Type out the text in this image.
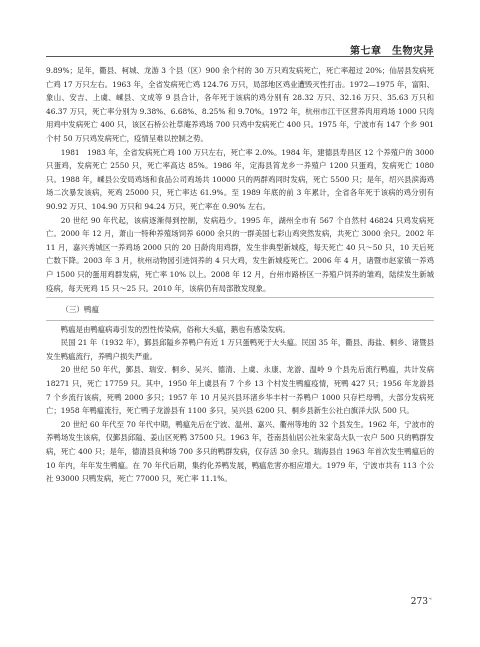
第七章　 生物灾异

9.89%；足年，衢县、柯城、龙游 3 个县（区）900 余个村的 30 万只鸡发病死亡，死亡率超过 20%；仙居县发病死亡鸡 17 万只左右。1963 年，全省发病死亡鸡 124.76 万只，局部地区鸡业遭毁灭性打击。1972—1975 年，富阳、象山、安吉、上虞、嵊县、文成等 9 县合计，各年死于该病的鸡分别有 28.32 万只、32.16 万只、35.63 万只和 46.37 万只，死亡率分别为 9.38%、6.68%、8.25% 和 9.70%。1972 年，杭州市江干区营养肉用鸡场 1000 只肉用鸡中发病死亡 400 只，该区石桥公社草庵养鸡场 700 只鸡中发病死亡 400 只。1975 年，宁波市有 147 个乡 901 个村 50 万只鸡发病死亡，疫情呈难以控制之势。

1981　1983 年，全省发病死亡鸡 100 万只左右，死亡率 2.0%。1984 年，建德县寿昌区 12 个养殖户的 3000 只蛋鸡，发病死亡 2550 只，死亡率高达 85%。1986 年，定海县筲龙乡一养殖户 1200 只蛋鸡，发病死亡 1080 只。1988 年，嵊县公安局鸡场和食品公司鸡场共 10000 只的两群鸡同时发病，死亡 5500 只；是年，绍兴县滨海鸡场二次暴发该病，死鸡 25000 只，死亡率达 61.9%。至 1989 年底的前 3 年累计，全省各年死于该病的鸡分别有 90.92 万只、104.90 万只和 94.24 万只，死亡率在 0.90% 左右。

20 世纪 90 年代起，该病逐渐得到控制，发病趋少。1995 年，湖州全市有 567 个自然村 46824 只鸡发病死亡。2000 年 12 月，萧山一特种养殖场饲养 6000 余只的一群美国七彩山鸡突然发病，共死亡 3000 余只。2002 年 11 月，嘉兴秀城区一养鸡场 2000 只的 20 日龄肉用鸡群，发生非典型新城疫，每天死亡 40 只～50 只，10 天后死亡数下降。2003 年 3 月，杭州动物园引进饲养的 4 只大鸡，发生新城疫死亡。2006 年 4 月，诸暨市赵家镇一养鸡户 1500 只的蛋用鸡群发病，死亡率 10% 以上。2008 年 12 月，台州市路桥区一养殖户饲养的雏鸡，陆续发生新城疫病，每天死鸡 15 只～25 只。2010 年，该病仍有局部散发现象。

（三）鸭瘟

鸭瘟是由鸭瘟病毒引发的烈性传染病，俗称大头瘟，鹅也有感染发病。

民国 21 年（1932 年），鄞县邱隘乡养鸭户有近 1 万只蛋鸭死于大头瘟。民国 35 年，衢县、海盐、桐乡、诸暨县发生鸭瘟流行，养鸭户损失严重。

20 世纪 50 年代，鄞县、瑞安、桐乡、吴兴、德清、上虞、永康、龙游、温岭 9 个县先后流行鸭瘟，共计发病 18271 只，死亡 17759 只。其中，1950 年上虞县有 7 个乡 13 个村发生鸭瘟疫情，死鸭 427 只；1956 年龙游县 7 个乡流行该病，死鸭 2000 多只；1957 年 10 月吴兴县环渚乡华丰村一养鸭户 1000 只存栏母鸭，大部分发病死亡；1958 年鸭瘟流行，死亡鸭子龙游县有 1100 多只，吴兴县 6200 只、桐乡县新生公社白旗洋大队 500 只。

20 世纪 60 年代至 70 年代中期，鸭瘟先后在宁波、温州、嘉兴、衢州等地的 32 个县发生。1962 年，宁波市的养鸭场发生该病，仅鄞县邱隘、姜山区死鸭 37500 只。1963 年，苍南县仙居公社朱家岛大队一农户 500 只的鸭群发病，死亡 400 只；是年，德清县良种场 700 多只的鸭群发病，仅存活 30 余只。瑞海县自 1963 年首次发生鸭瘟后的 10 年内，年年发生鸭瘟。在 70 年代后期，集约化养鸭发展，鸭瘟危害亦相应增大。1979 年，宁波市共有 113 个公社 93000 只鸭发病，死亡 77000 只，死亡率 11.1%。

273«
